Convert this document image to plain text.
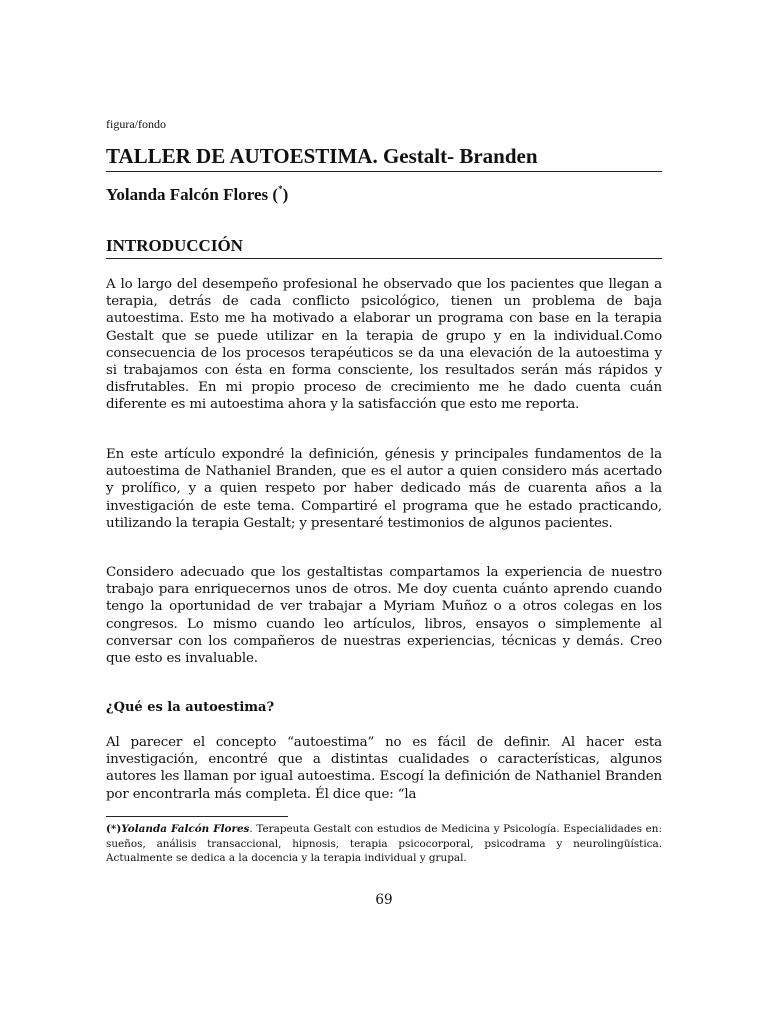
figura/fondo
TALLER DE AUTOESTIMA. Gestalt- Branden
Yolanda Falcón Flores (*)
INTRODUCCIÓN

A lo largo del desempeño profesional he observado que los pacientes que llegan a terapia, detrás de cada conflicto psicológico, tienen un problema de baja autoestima. Esto me ha motivado a elaborar un programa con base en la terapia Gestalt que se puede utilizar en la terapia de grupo y en la individual.Como consecuencia de los procesos terapéuticos se da una elevación de la autoestima y si trabajamos con ésta en forma consciente, los resultados serán más rápidos y disfrutables. En mi propio proceso de crecimiento me he dado cuenta cuán diferente es mi autoestima ahora y la satisfacción que esto me reporta.

En este artículo expondré la definición, génesis y principales fundamentos de la autoestima de Nathaniel Branden, que es el autor a quien considero más acertado y prolífico, y a quien respeto por haber dedicado más de cuarenta años a la investigación de este tema. Compartiré el programa que he estado practicando, utilizando la terapia Gestalt; y presentaré testimonios de algunos pacientes.

Considero adecuado que los gestaltistas compartamos la experiencia de nuestro trabajo para enriquecernos unos de otros. Me doy cuenta cuánto aprendo cuando tengo la oportunidad de ver trabajar a Myriam Muñoz o a otros colegas en los congresos. Lo mismo cuando leo artículos, libros, ensayos o simplemente al conversar con los compañeros de nuestras experiencias, técnicas y demás. Creo que esto es invaluable.

¿Qué es la autoestima?

Al parecer el concepto “autoestima” no es fácil de definir. Al hacer esta investigación, encontré que a distintas cualidades o características, algunos autores les llaman por igual autoestima. Escogí la definición de Nathaniel Branden por encontrarla más completa. Él dice que: “la

(*)Yolanda Falcón Flores. Terapeuta Gestalt con estudios de Medicina y Psicología. Especialidades en: sueños, análisis transaccional, hipnosis, terapia psicocorporal, psicodrama y neurolingüística. Actualmente se dedica a la docencia y la terapia individual y grupal.

69
